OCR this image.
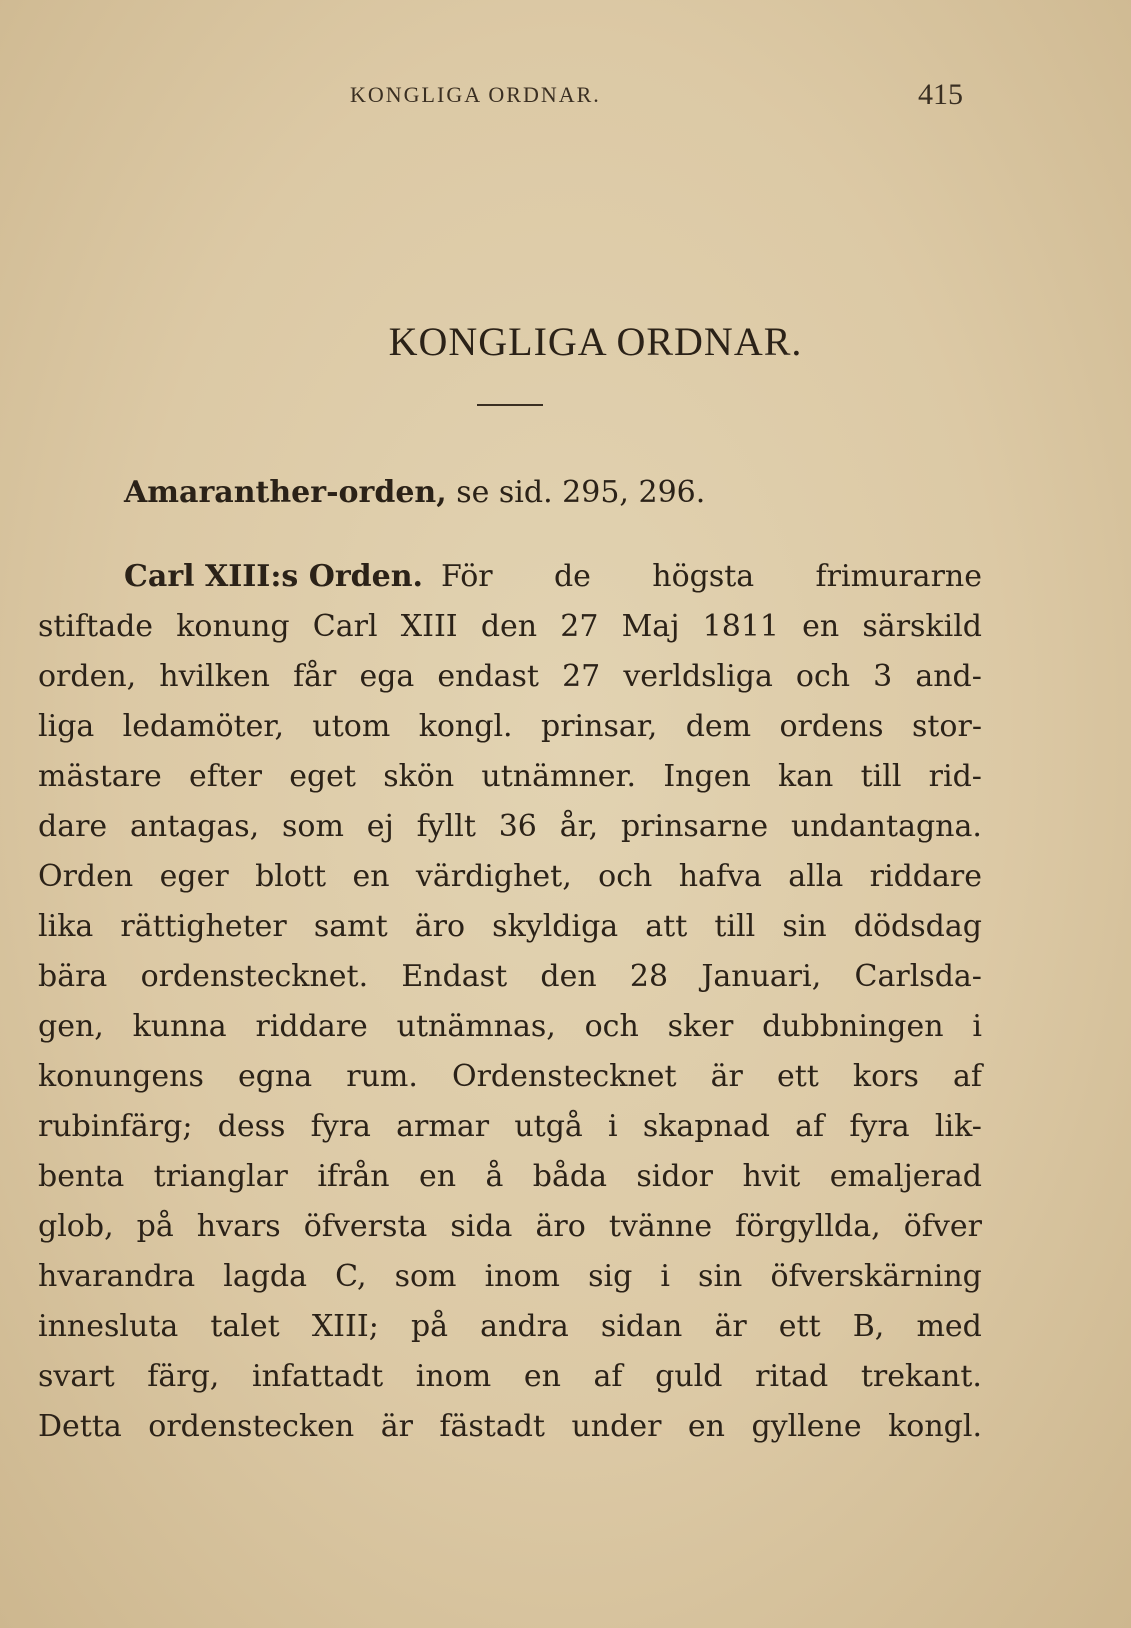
KONGLIGA ORDNAR.	415
KONGLIGA ORDNAR.
Amaranther-orden,
se sid. 295, 296.
Carl XIII:s Orden. För de högsta frimurarne
stiftade konung Carl XIII den 27 Maj 1811 en särskild
orden, hvilken får ega endast 27 verldsliga och 3 and-
liga ledamöter, utom kongl. prinsar, dem ordens stor-
mästare efter eget skön utnämner. Ingen kan till rid-
dare antagas, som ej fyllt 36 år, prinsarne undantagna.
Orden eger blott en värdighet, och hafva alla riddare
lika rättigheter samt äro skyldiga att till sin dödsdag
bära ordenstecknet. Endast den 28 Januari, Carlsda-
gen, kunna riddare utnämnas, och sker dubbningen i
konungens egna rum. Ordenstecknet är ett kors af
rubinfärg; dess fyra armar utgå i skapnad af fyra lik-
benta trianglar ifrån en å båda sidor hvit emaljerad
glob, på hvars öfversta sida äro tvänne förgyllda, öfver
hvarandra lagda C, som inom sig i sin öfverskärning
innesluta talet XIII; på andra sidan är ett B, med
svart färg, infattadt inom en af guld ritad trekant.
Detta ordenstecken är fästadt under en gyllene kongl.
